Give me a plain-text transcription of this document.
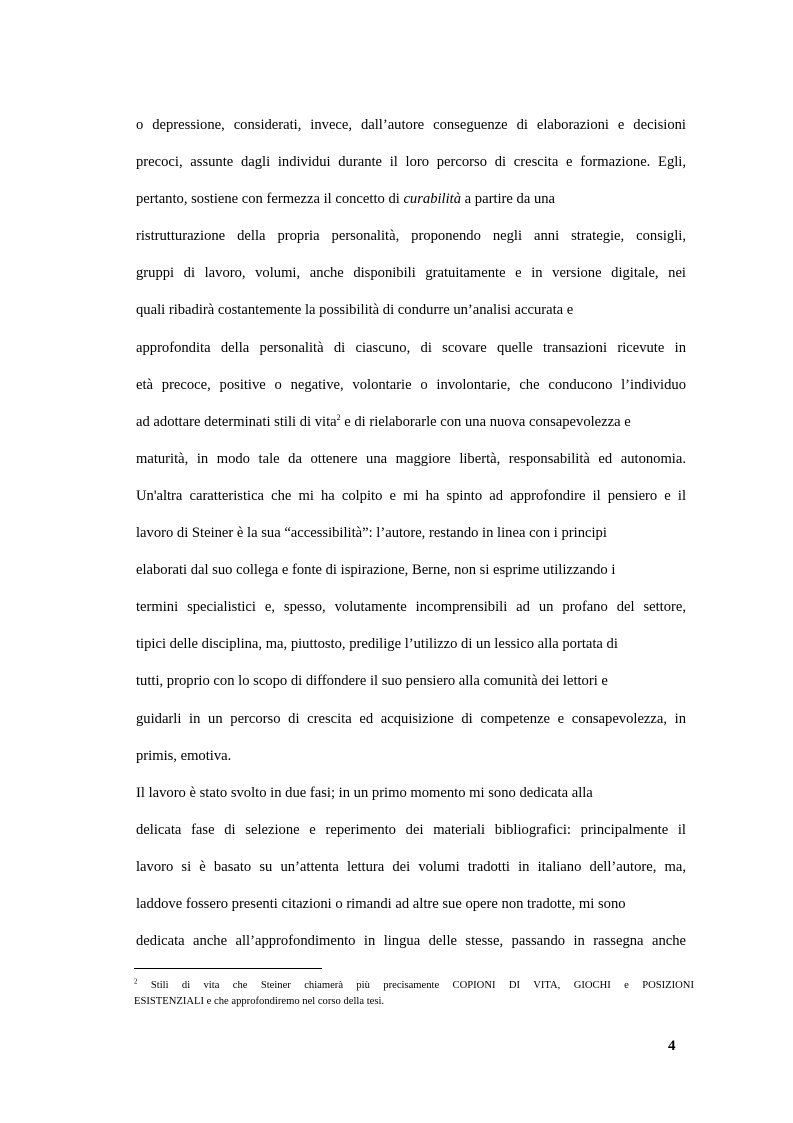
o depressione, considerati, invece, dall’autore conseguenze di elaborazioni e decisioni
precoci, assunte dagli individui durante il loro percorso di crescita e formazione. Egli,
pertanto, sostiene con fermezza il concetto di curabilità a partire da una
ristrutturazione della propria personalità, proponendo negli anni strategie, consigli,
gruppi di lavoro, volumi, anche disponibili gratuitamente e in versione digitale, nei
quali ribadirà costantemente la possibilità di condurre un’analisi accurata e
approfondita della personalità di ciascuno, di scovare quelle transazioni ricevute in
età precoce, positive o negative, volontarie o involontarie, che conducono l’individuo
ad adottare determinati stili di vita$^2$ e di rielaborarle con una nuova consapevolezza e
maturità, in modo tale da ottenere una maggiore libertà, responsabilità ed autonomia.
Un'altra caratteristica che mi ha colpito e mi ha spinto ad approfondire il pensiero e il
lavoro di Steiner è la sua “accessibilità”: l’autore, restando in linea con i principi
elaborati dal suo collega e fonte di ispirazione, Berne, non si esprime utilizzando i
termini specialistici e, spesso, volutamente incomprensibili ad un profano del settore,
tipici delle disciplina, ma, piuttosto, predilige l’utilizzo di un lessico alla portata di
tutti, proprio con lo scopo di diffondere il suo pensiero alla comunità dei lettori e
guidarli in un percorso di crescita ed acquisizione di competenze e consapevolezza, in
primis, emotiva.
Il lavoro è stato svolto in due fasi; in un primo momento mi sono dedicata alla
delicata fase di selezione e reperimento dei materiali bibliografici: principalmente il
lavoro si è basato su un’attenta lettura dei volumi tradotti in italiano dell’autore, ma,
laddove fossero presenti citazioni o rimandi ad altre sue opere non tradotte, mi sono
dedicata anche all’approfondimento in lingua delle stesse, passando in rassegna anche
$^2$ Stili di vita che Steiner chiamerà più precisamente COPIONI DI VITA, GIOCHI e POSIZIONI
ESISTENZIALI e che approfondiremo nel corso della tesi.
4
